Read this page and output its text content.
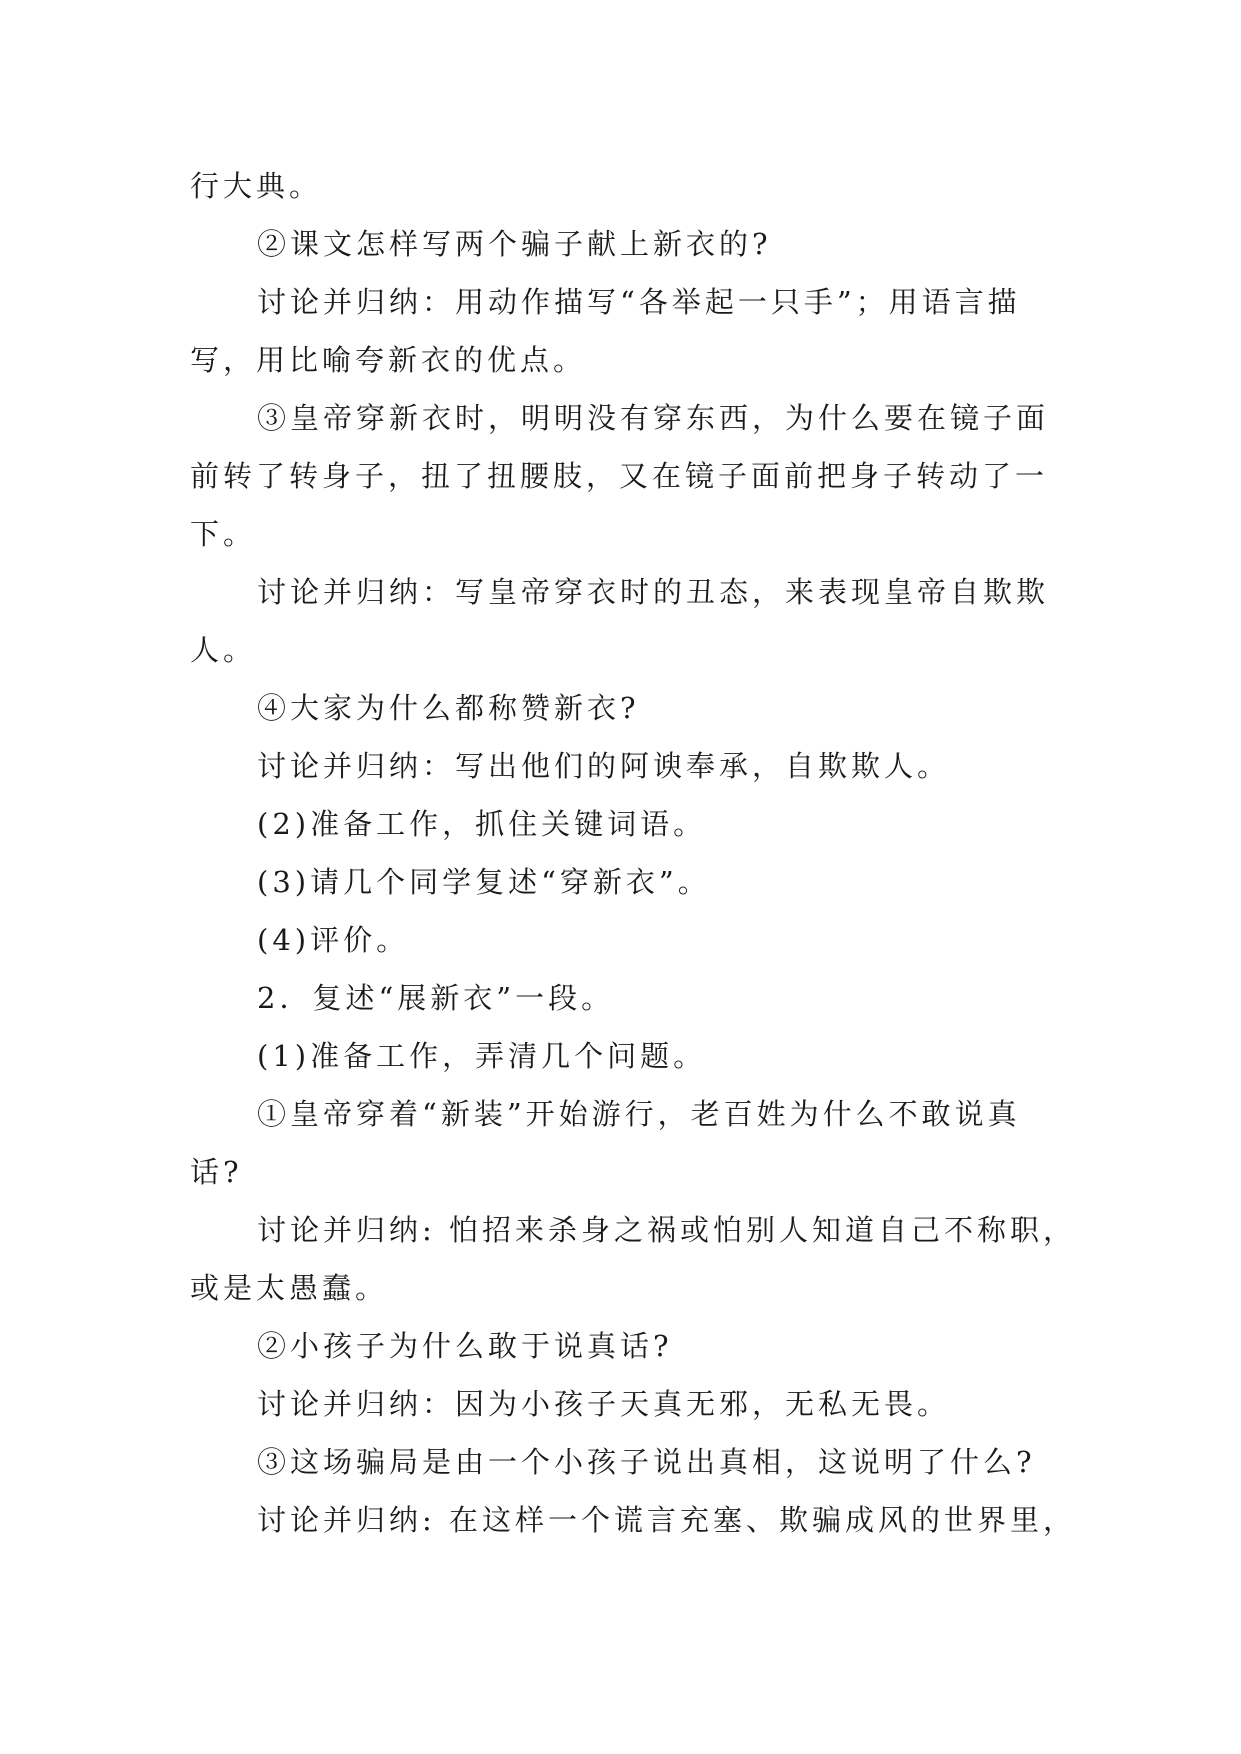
行大典。
②课文怎样写两个骗子献上新衣的?
讨论并归纳：用动作描写“各举起一只手”；用语言描
写，用比喻夸新衣的优点。
③皇帝穿新衣时，明明没有穿东西，为什么要在镜子面
前转了转身子，扭了扭腰肢，又在镜子面前把身子转动了一
下。
讨论并归纳：写皇帝穿衣时的丑态，来表现皇帝自欺欺
人。
④大家为什么都称赞新衣?
讨论并归纳：写出他们的阿谀奉承，自欺欺人。
(2)准备工作，抓住关键词语。
(3)请几个同学复述“穿新衣”。
(4)评价。
2．复述“展新衣”一段。
(1)准备工作，弄清几个问题。
①皇帝穿着“新装”开始游行，老百姓为什么不敢说真
话?
讨论并归纳: 怕招来杀身之祸或怕别人知道自己不称职，
或是太愚蠢。
②小孩子为什么敢于说真话?
讨论并归纳：因为小孩子天真无邪，无私无畏。
③这场骗局是由一个小孩子说出真相，这说明了什么?
讨论并归纳: 在这样一个谎言充塞、欺骗成风的世界里，
